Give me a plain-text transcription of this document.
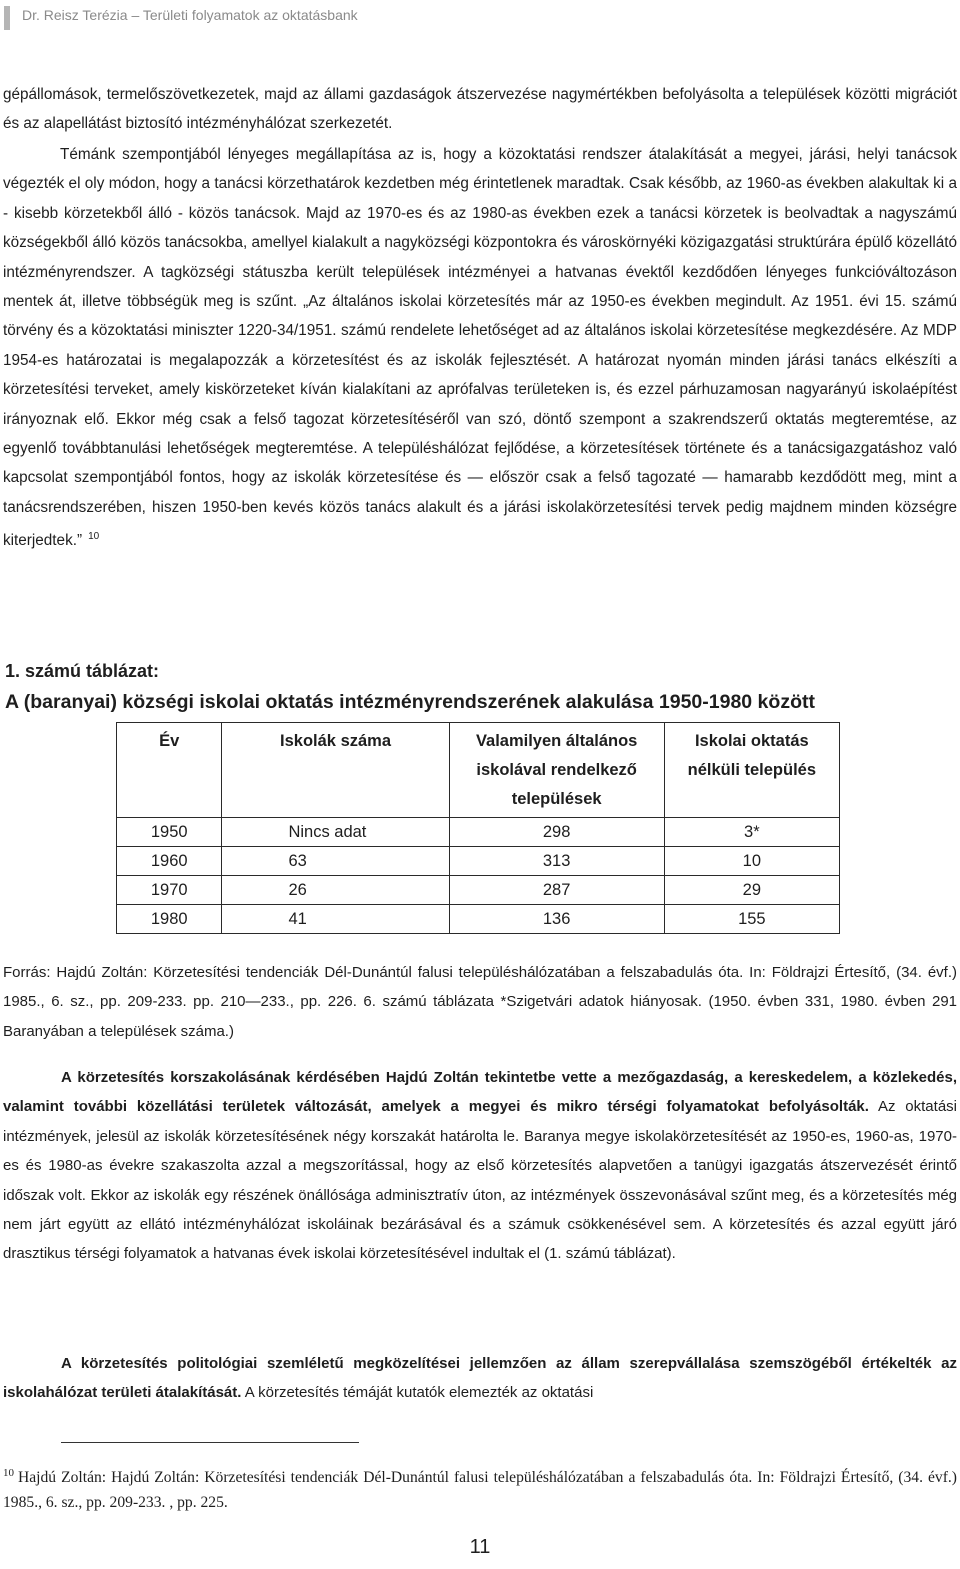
Dr. Reisz Terézia – Területi folyamatok az oktatásbank

gépállomások, termelőszövetkezetek, majd az állami gazdaságok átszervezése nagymértékben befolyásolta a települések közötti migrációt és az alapellátást biztosító intézményhálózat szerkezetét.

Témánk szempontjából lényeges megállapítása az is, hogy a közoktatási rendszer átalakítását a megyei, járási, helyi tanácsok végezték el oly módon, hogy a tanácsi körzethatárok kezdetben még érintetlenek maradtak. Csak később, az 1960-as években alakultak ki a - kisebb körzetekből álló - közös tanácsok. Majd az 1970-es és az 1980-as években ezek a tanácsi körzetek is beolvadtak a nagyszámú községekből álló közös tanácsokba, amellyel kialakult a nagyközségi központokra és városkörnyéki közigazgatási struktúrára épülő közellátó intézményrendszer. A tagközségi státuszba került települések intézményei a hatvanas évektől kezdődően lényeges funkcióváltozáson mentek át, illetve többségük meg is szűnt. „Az általános iskolai körzetesítés már az 1950-es években megindult. Az 1951. évi 15. számú törvény és a közoktatási miniszter 1220-34/1951. számú rendelete lehetőséget ad az általános iskolai körzetesítése megkezdésére. Az MDP 1954-es határozatai is megalapozzák a körzetesítést és az iskolák fejlesztését. A határozat nyomán minden járási tanács elkészíti a körzetesítési terveket, amely kiskörzeteket kíván kialakítani az aprófalvas területeken is, és ezzel párhuzamosan nagyarányú iskolaépítést irányoznak elő. Ekkor még csak a felső tagozat körzetesítéséről van szó, döntő szempont a szakrendszerű oktatás megteremtése, az egyenlő továbbtanulási lehetőségek megteremtése. A településhálózat fejlődése, a körzetesítések története és a tanácsigazgatáshoz való kapcsolat szempontjából fontos, hogy az iskolák körzetesítése és ― először csak a felső tagozaté ― hamarabb kezdődött meg, mint a tanácsrendszerében, hiszen 1950-ben kevés közös tanács alakult és a járási iskolakörzetesítési tervek pedig majdnem minden községre kiterjedtek.” $^{10}$

1. számú táblázat:
A (baranyai) községi iskolai oktatás intézményrendszerének alakulása 1950-1980 között
Év	Iskolák száma	Valamilyen általános iskolával rendelkező települések	Iskolai oktatás nélküli település
1950	Nincs adat	298	3*
1960	63	313	10
1970	26	287	29
1980	41	136	155

Forrás: Hajdú Zoltán: Körzetesítési tendenciák Dél-Dunántúl falusi településhálózatában a felszabadulás óta. In: Földrajzi Értesítő, (34. évf.) 1985., 6. sz., pp. 209-233. pp. 210―233., pp. 226. 6. számú táblázata *Szigetvári adatok hiányosak. (1950. évben 331, 1980. évben 291 Baranyában a települések száma.)

A körzetesítés korszakolásának kérdésében Hajdú Zoltán tekintetbe vette a mezőgazdaság, a kereskedelem, a közlekedés, valamint további közellátási területek változását, amelyek a megyei és mikro térségi folyamatokat befolyásolták. Az oktatási intézmények, jelesül az iskolák körzetesítésének négy korszakát határolta le. Baranya megye iskolakörzetesítését az 1950-es, 1960-as, 1970-es és 1980-as évekre szakaszolta azzal a megszorítással, hogy az első körzetesítés alapvetően a tanügyi igazgatás átszervezését érintő időszak volt. Ekkor az iskolák egy részének önállósága adminisztratív úton, az intézmények összevonásával szűnt meg, és a körzetesítés még nem járt együtt az ellátó intézményhálózat iskoláinak bezárásával és a számuk csökkenésével sem. A körzetesítés és azzal együtt járó drasztikus térségi folyamatok a hatvanas évek iskolai körzetesítésével indultak el (1. számú táblázat).

A körzetesítés politológiai szemléletű megközelítései jellemzően az állam szerepvállalása szemszögéből értékelték az iskolahálózat területi átalakítását. A körzetesítés témáját kutatók elemezték az oktatási

$^{10}$ Hajdú Zoltán: Hajdú Zoltán: Körzetesítési tendenciák Dél-Dunántúl falusi településhálózatában a felszabadulás óta. In: Földrajzi Értesítő, (34. évf.) 1985., 6. sz., pp. 209-233. , pp. 225.

11
